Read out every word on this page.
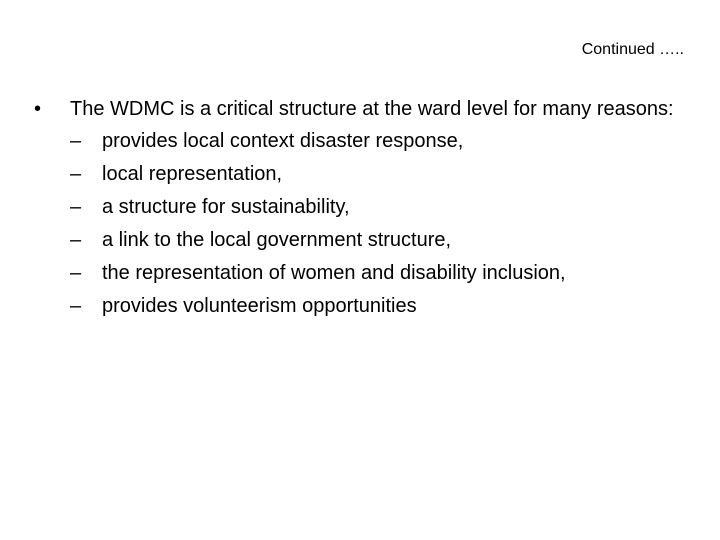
Continued …..
•	The WDMC is a critical structure at the ward level for many reasons:
–	provides local context disaster response,
–	local representation,
–	a structure for sustainability,
–	a link to the local government structure,
–	the representation of women and disability inclusion,
–	provides volunteerism opportunities
